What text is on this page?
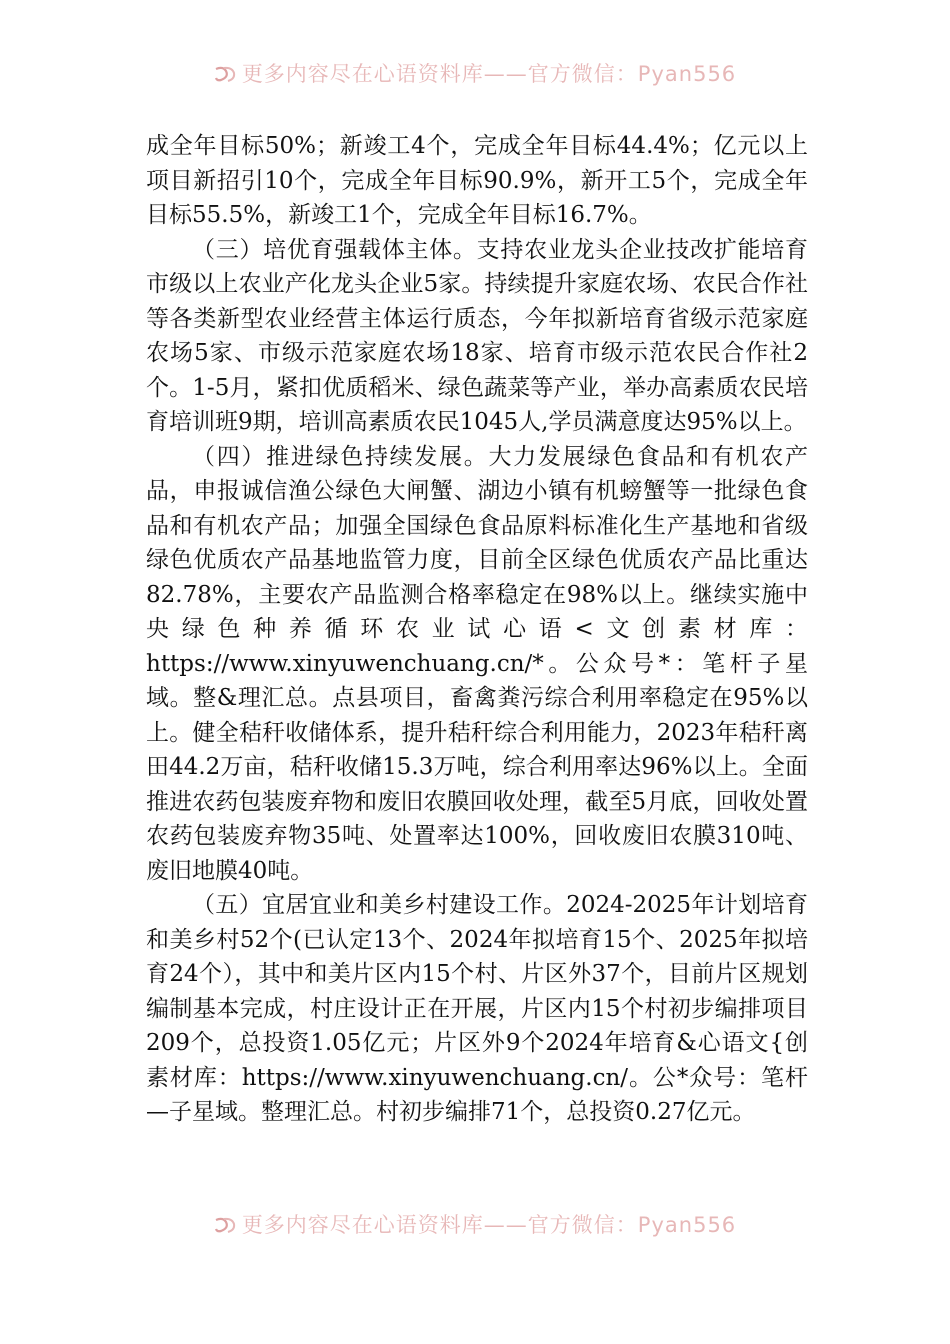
更多内容尽在心语资料库——官方微信：Pyan556

成全年目标50%；新竣工4个，完成全年目标44.4%；亿元以上项目新招引10个，完成全年目标90.9%，新开工5个，完成全年目标55.5%，新竣工1个，完成全年目标16.7%。

（三）培优育强载体主体。支持农业龙头企业技改扩能培育市级以上农业产化龙头企业5家。持续提升家庭农场、农民合作社等各类新型农业经营主体运行质态，今年拟新培育省级示范家庭农场5家、市级示范家庭农场18家、培育市级示范农民合作社2个。1-5月，紧扣优质稻米、绿色蔬菜等产业，举办高素质农民培育培训班9期，培训高素质农民1045人,学员满意度达95%以上。

（四）推进绿色持续发展。大力发展绿色食品和有机农产品，申报诚信渔公绿色大闸蟹、湖边小镇有机螃蟹等一批绿色食品和有机农产品；加强全国绿色食品原料标准化生产基地和省级绿色优质农产品基地监管力度，目前全区绿色优质农产品比重达82.78%，主要农产品监测合格率稳定在98%以上。继续实施中央绿色种养循环农业试心语<文创素材库：https://www.xinyuwenchuang.cn/*。公众号*：笔杆子星域。整&理汇总。点县项目，畜禽粪污综合利用率稳定在95%以上。健全秸秆收储体系，提升秸秆综合利用能力，2023年秸秆离田44.2万亩，秸秆收储15.3万吨，综合利用率达96%以上。全面推进农药包装废弃物和废旧农膜回收处理，截至5月底，回收处置农药包装废弃物35吨、处置率达100%，回收废旧农膜310吨、废旧地膜40吨。

（五）宜居宜业和美乡村建设工作。2024-2025年计划培育和美乡村52个(已认定13个、2024年拟培育15个、2025年拟培育24个），其中和美片区内15个村、片区外37个，目前片区规划编制基本完成，村庄设计正在开展，片区内15个村初步编排项目209个，总投资1.05亿元；片区外9个2024年培育&心语文{创素材库：https://www.xinyuwenchuang.cn/。公*众号：笔杆—子星域。整理汇总。村初步编排71个，总投资0.27亿元。

更多内容尽在心语资料库——官方微信：Pyan556
